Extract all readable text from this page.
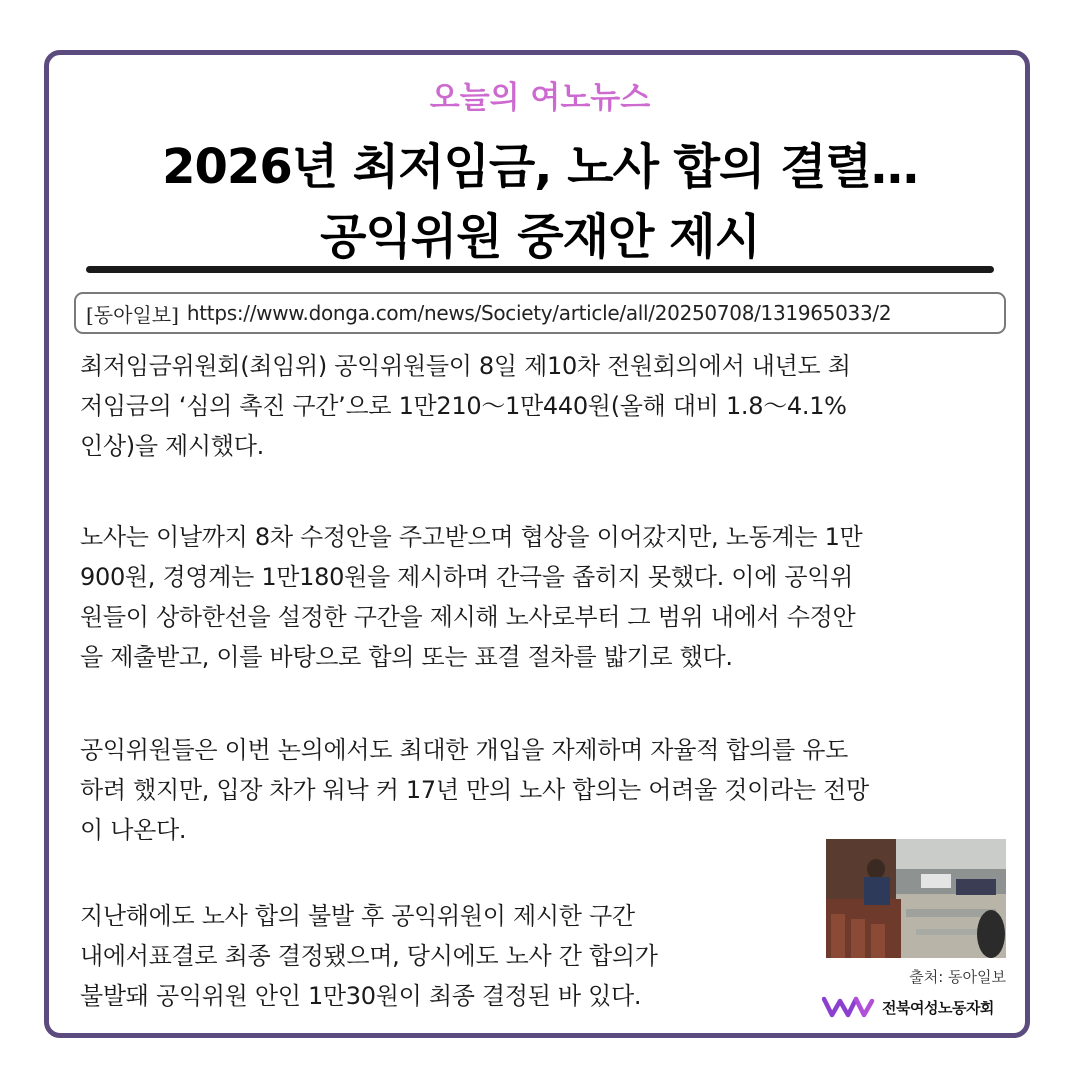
오늘의 여노뉴스
2026년 최저임금, 노사 합의 결렬…
공익위원 중재안 제시
[동아일보] https://www.donga.com/news/Society/article/all/20250708/131965033/2
최저임금위원회(최임위) 공익위원들이 8일 제10차 전원회의에서 내년도 최
저임금의 ‘심의 촉진 구간’으로 1만210～1만440원(올해 대비 1.8～4.1%
인상)을 제시했다.
노사는 이날까지 8차 수정안을 주고받으며 협상을 이어갔지만, 노동계는 1만
900원, 경영계는 1만180원을 제시하며 간극을 좁히지 못했다. 이에 공익위
원들이 상하한선을 설정한 구간을 제시해 노사로부터 그 범위 내에서 수정안
을 제출받고, 이를 바탕으로 합의 또는 표결 절차를 밟기로 했다.
공익위원들은 이번 논의에서도 최대한 개입을 자제하며 자율적 합의를 유도
하려 했지만, 입장 차가 워낙 커 17년 만의 노사 합의는 어려울 것이라는 전망
이 나온다.
지난해에도 노사 합의 불발 후 공익위원이 제시한 구간
내에서표결로 최종 결정됐으며, 당시에도 노사 간 합의가
불발돼 공익위원 안인 1만30원이 최종 결정된 바 있다.
출처: 동아일보
전북여성노동자회
